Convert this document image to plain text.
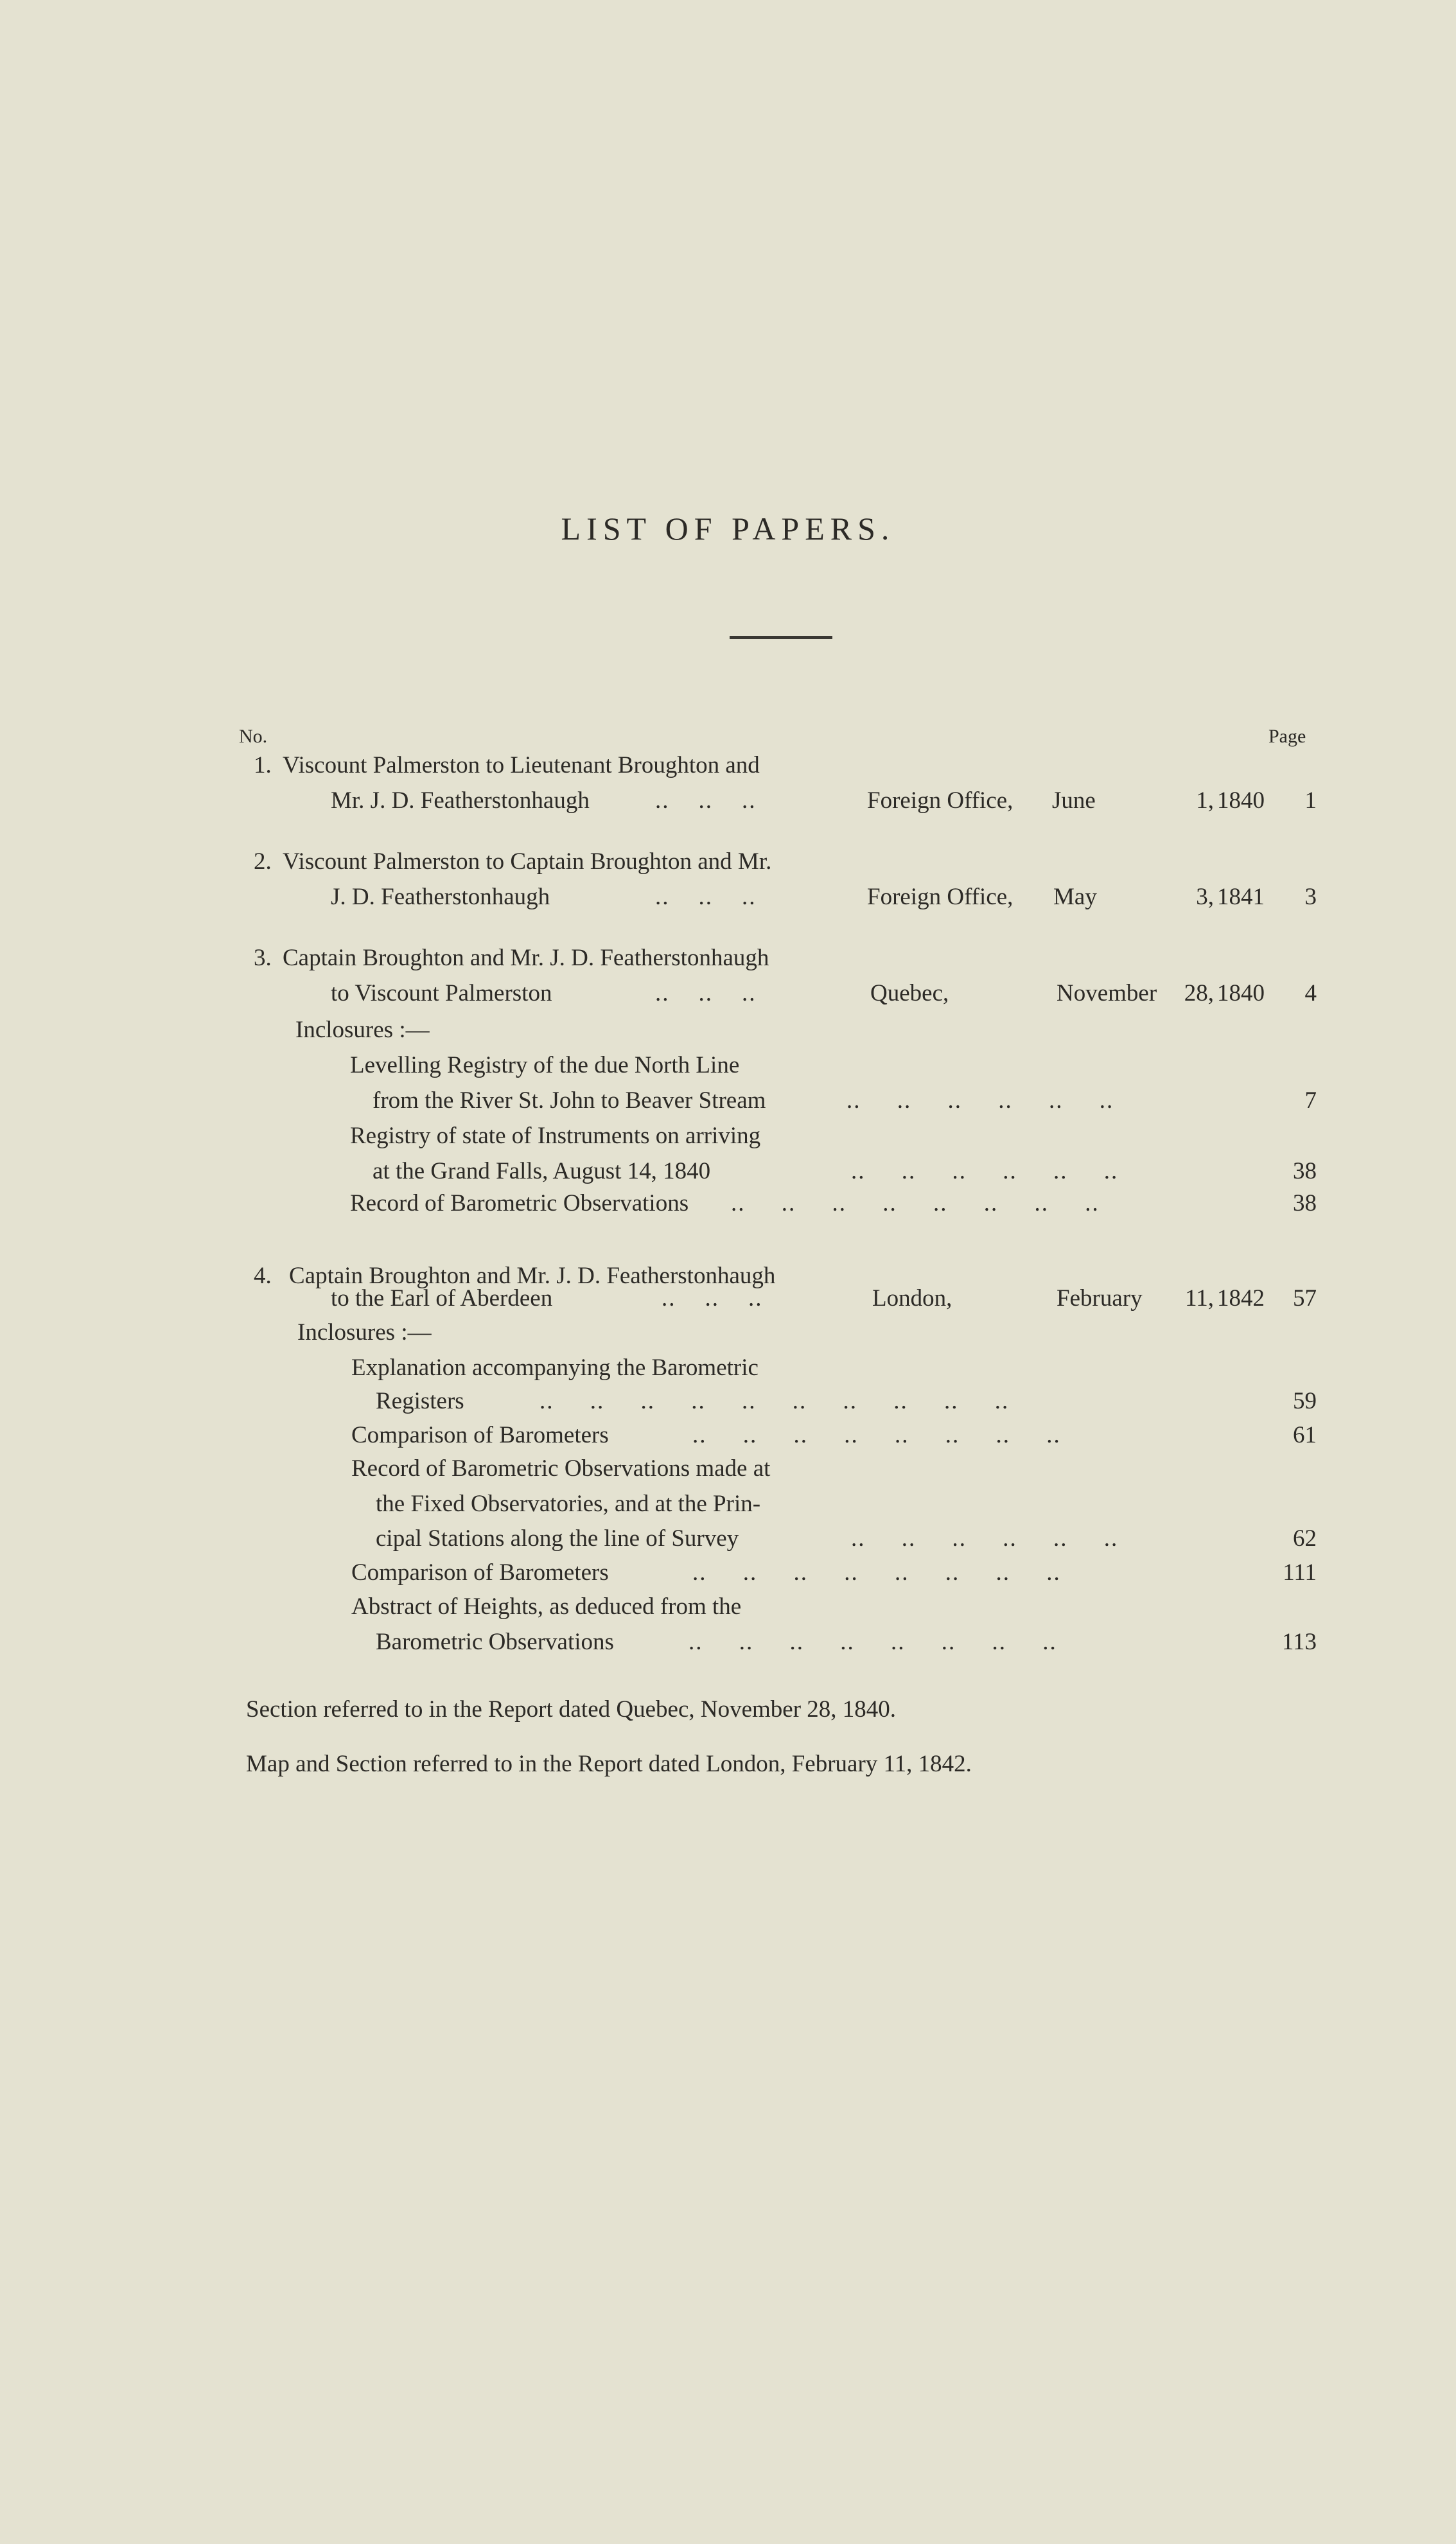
LIST OF PAPERS.
No.	Page
1. Viscount Palmerston to Lieutenant Broughton and
Mr. J. D. Featherstonhaugh	..    ..    ..	Foreign Office, June	1, 1840	1
2. Viscount Palmerston to Captain Broughton and Mr.
J. D. Featherstonhaugh	..    ..    ..	Foreign Office, May	3, 1841	3
3. Captain Broughton and Mr. J. D. Featherstonhaugh
to Viscount Palmerston	..    ..    ..	Quebec,	November	28, 1840	4
Inclosures :—
Levelling Registry of the due North Line
from the River St. John to Beaver Stream	..     ..     ..     ..     ..     ..	7
Registry of state of Instruments on arriving
at the Grand Falls, August 14, 1840	..     ..     ..     ..     ..     ..	38
Record of Barometric Observations ..     ..     ..     ..     ..     ..     ..     ..	38
4. Captain Broughton and Mr. J. D. Featherstonhaugh
to the Earl of Aberdeen	..    ..    ..	London,	February	11, 1842	57
Inclosures :—
Explanation accompanying the Barometric
Registers	..     ..     ..     ..     ..     ..     ..     ..     ..     ..	59
Comparison of Barometers	..     ..     ..     ..     ..     ..     ..     ..	61
Record of Barometric Observations made at
the Fixed Observatories, and at the Prin-
cipal Stations along the line of Survey	..     ..     ..     ..     ..     ..	62
Comparison of Barometers	..     ..     ..     ..     ..     ..     ..     ..	111
Abstract of Heights, as deduced from the
Barometric Observations	..     ..     ..     ..     ..     ..     ..     ..	113
Section referred to in the Report dated Quebec, November 28, 1840.
Map and Section referred to in the Report dated London, February 11, 1842.
